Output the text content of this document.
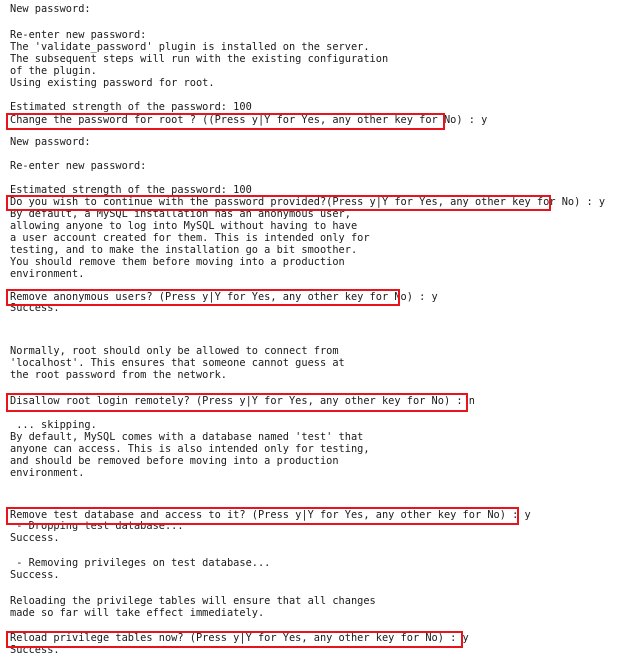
New password:
Re-enter new password:
The 'validate_password' plugin is installed on the server.
The subsequent steps will run with the existing configuration
of the plugin.
Using existing password for root.
Estimated strength of the password: 100
Change the password for root ? ((Press y|Y for Yes, any other key for No) : y
New password:
Re-enter new password:
Estimated strength of the password: 100
Do you wish to continue with the password provided?(Press y|Y for Yes, any other key for No) : y
By default, a MySQL installation has an anonymous user,
allowing anyone to log into MySQL without having to have
a user account created for them. This is intended only for
testing, and to make the installation go a bit smoother.
You should remove them before moving into a production
environment.
Remove anonymous users? (Press y|Y for Yes, any other key for No) : y
Success.
Normally, root should only be allowed to connect from
'localhost'. This ensures that someone cannot guess at
the root password from the network.
Disallow root login remotely? (Press y|Y for Yes, any other key for No) : n
... skipping.
By default, MySQL comes with a database named 'test' that
anyone can access. This is also intended only for testing,
and should be removed before moving into a production
environment.
Remove test database and access to it? (Press y|Y for Yes, any other key for No) : y
- Dropping test database...
Success.
- Removing privileges on test database...
Success.
Reloading the privilege tables will ensure that all changes
made so far will take effect immediately.
Reload privilege tables now? (Press y|Y for Yes, any other key for No) : y
Success.
